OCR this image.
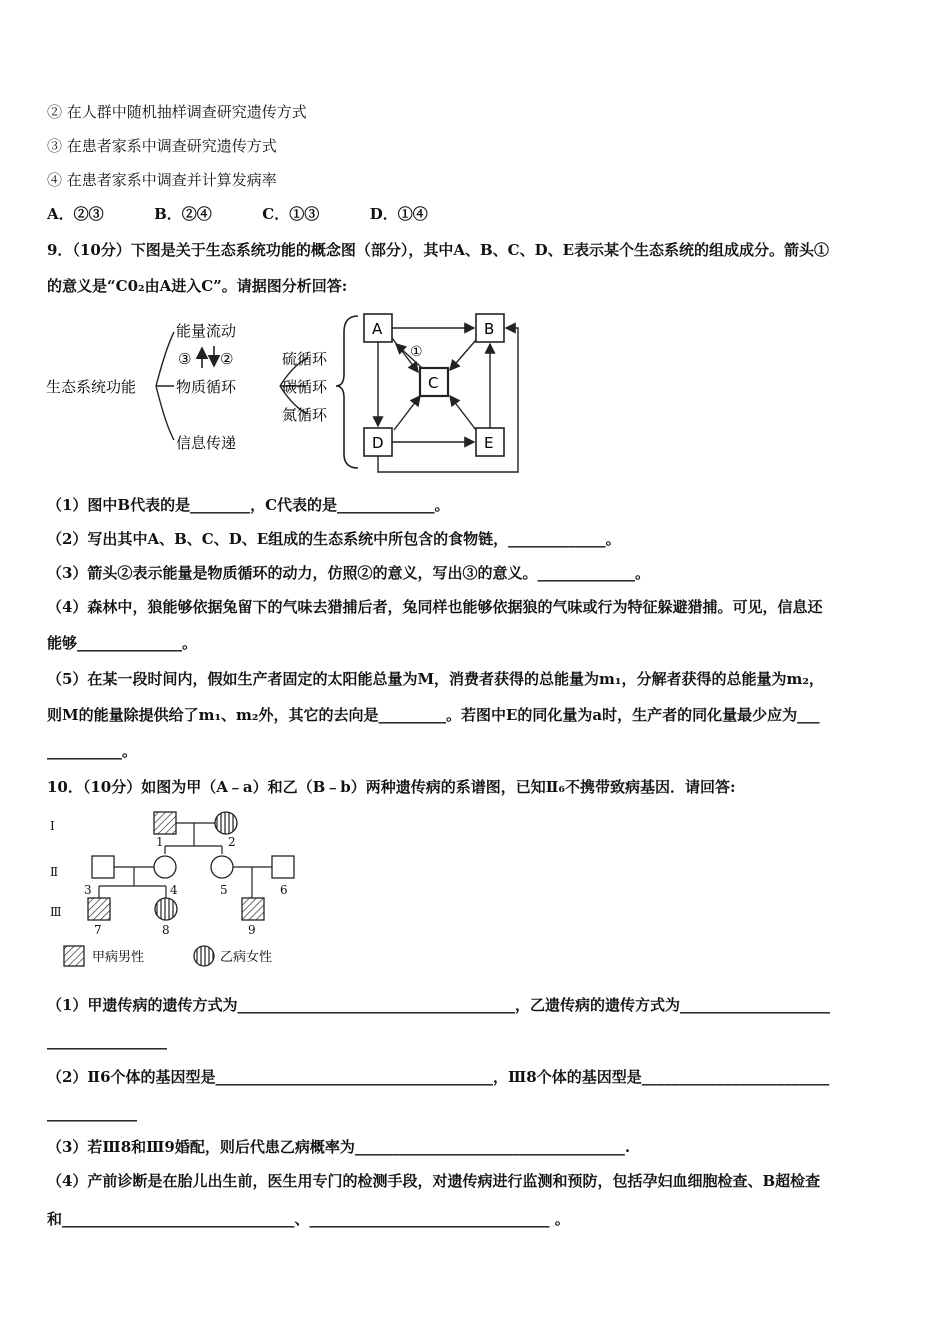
② 在人群中随机抽样调查研究遗传方式
③ 在患者家系中调查研究遗传方式
④ 在患者家系中调查并计算发病率
A．②③	B．②④	C．①③	D．①④
9．（10分）下图是关于生态系统功能的概念图（部分），其中A、B、C、D、E表示某个生态系统的组成成分。箭头①
的意义是“C0₂由A进入C”。请据图分析回答:
生态系统功能
能量流动
③ ②
物质循环
信息传递
硫循环
碳循环
氮循环
A	B
C
D	E
①
（1）图中B代表的是________，C代表的是_____________。
（2）写出其中A、B、C、D、E组成的生态系统中所包含的食物链，_____________。
（3）箭头②表示能量是物质循环的动力，仿照②的意义，写出③的意义。_____________。
（4）森林中，狼能够依据兔留下的气味去猎捕后者，兔同样也能够依据狼的气味或行为特征躲避猎捕。可见，信息还
能够______________。
（5）在某一段时间内，假如生产者固定的太阳能总量为M，消费者获得的总能量为m₁，分解者获得的总能量为m₂，
则M的能量除提供给了m₁、m₂外，其它的去向是_________。若图中E的同化量为a时，生产者的同化量最少应为___
__________。
10．（10分）如图为甲（A﹣a）和乙（B﹣b）两种遗传病的系谱图，已知Ⅱ₆不携带致病基因．请回答:
Ⅰ
Ⅱ
Ⅲ
1	2
3	4	5	6
7	8	9
甲病男性	乙病女性
（1）甲遗传病的遗传方式为_____________________________________，乙遗传病的遗传方式为____________________
________________
（2）Ⅱ6个体的基因型是_____________________________________，Ⅲ8个体的基因型是_________________________
____________
（3）若Ⅲ8和Ⅲ9婚配，则后代患乙病概率为____________________________________.
（4）产前诊断是在胎儿出生前，医生用专门的检测手段，对遗传病进行监测和预防，包括孕妇血细胞检查、B超检查
和_______________________________、________________________________ 。
